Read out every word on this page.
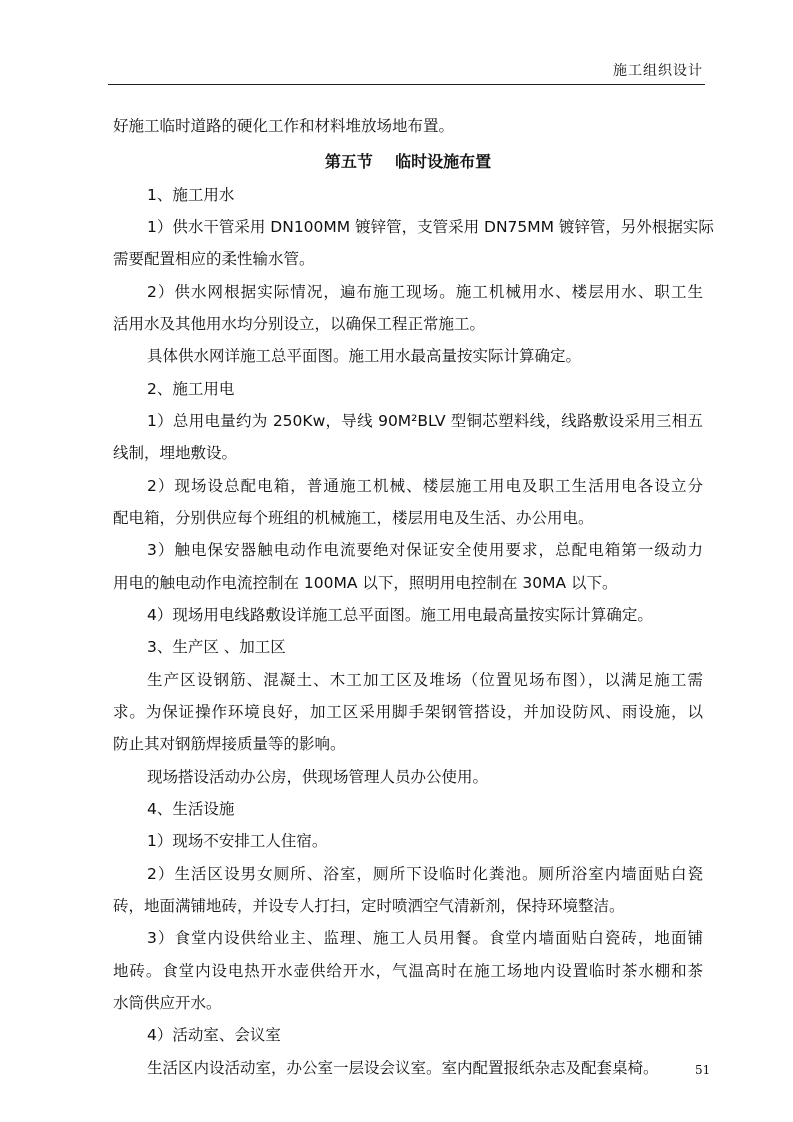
施工组织设计
好施工临时道路的硬化工作和材料堆放场地布置。
第五节    临时设施布置
1、施工用水
1）供水干管采用 DN100MM 镀锌管，支管采用 DN75MM 镀锌管，另外根据实际
需要配置相应的柔性输水管。
2）供水网根据实际情况，遍布施工现场。施工机械用水、楼层用水、职工生
活用水及其他用水均分别设立，以确保工程正常施工。
具体供水网详施工总平面图。施工用水最高量按实际计算确定。
2、施工用电
1）总用电量约为 250Kw，导线 90M²BLV 型铜芯塑料线，线路敷设采用三相五
线制，埋地敷设。
2）现场设总配电箱，普通施工机械、楼层施工用电及职工生活用电各设立分
配电箱，分别供应每个班组的机械施工，楼层用电及生活、办公用电。
3）触电保安器触电动作电流要绝对保证安全使用要求，总配电箱第一级动力
用电的触电动作电流控制在 100MA 以下，照明用电控制在 30MA 以下。
4）现场用电线路敷设详施工总平面图。施工用电最高量按实际计算确定。
3、生产区 、加工区
生产区设钢筋、混凝土、木工加工区及堆场（位置见场布图），以满足施工需
求。为保证操作环境良好，加工区采用脚手架钢管搭设，并加设防风、雨设施，以
防止其对钢筋焊接质量等的影响。
现场搭设活动办公房，供现场管理人员办公使用。
4、生活设施
1）现场不安排工人住宿。
2）生活区设男女厕所、浴室，厕所下设临时化粪池。厕所浴室内墙面贴白瓷
砖，地面满铺地砖，并设专人打扫，定时喷洒空气清新剂，保持环境整洁。
3）食堂内设供给业主、监理、施工人员用餐。食堂内墙面贴白瓷砖，地面铺
地砖。食堂内设电热开水壶供给开水，气温高时在施工场地内设置临时茶水棚和茶
水筒供应开水。
4）活动室、会议室
生活区内设活动室，办公室一层设会议室。室内配置报纸杂志及配套桌椅。	51
